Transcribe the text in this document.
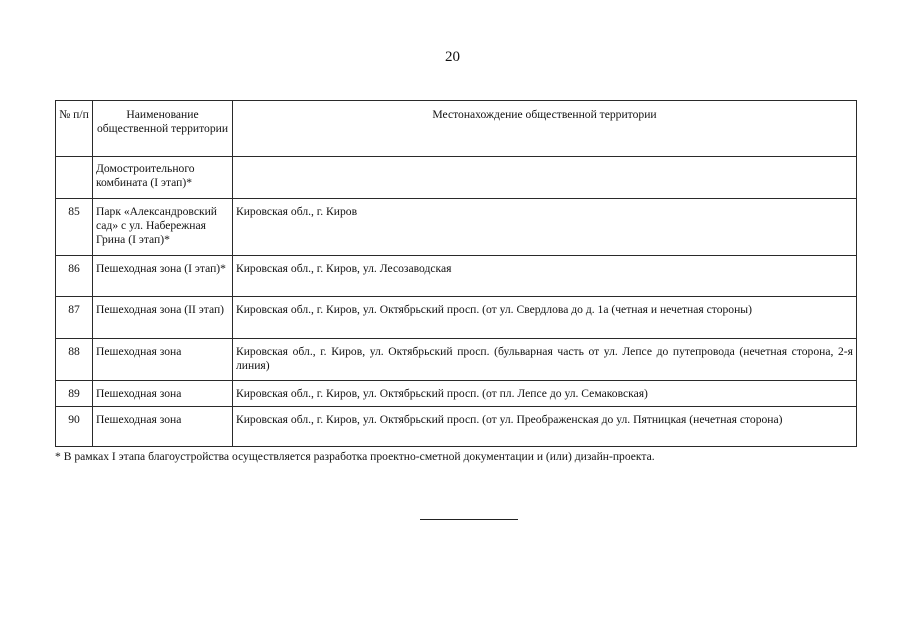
20
№ п/п	Наименование общественной территории	Местонахождение общественной территории
	Домостроительного комбината (I этап)*	
85	Парк «Александровский сад» с ул. Набережная Грина (I этап)*	Кировская обл., г. Киров
86	Пешеходная зона (I этап)*	Кировская обл., г. Киров, ул. Лесозаводская
87	Пешеходная зона (II этап)	Кировская обл., г. Киров, ул. Октябрьский просп. (от ул. Свердлова до д. 1а (четная и нечетная стороны)
88	Пешеходная зона	Кировская обл., г. Киров, ул. Октябрьский просп. (бульварная часть от ул. Лепсе до путепровода (нечетная сторона, 2-я линия)
89	Пешеходная зона	Кировская обл., г. Киров, ул. Октябрьский просп. (от пл. Лепсе до ул. Семаковская)
90	Пешеходная зона	Кировская обл., г. Киров, ул. Октябрьский просп. (от ул. Преображенская до ул. Пятницкая (нечетная сторона)
* В рамках I этапа благоустройства осуществляется разработка проектно-сметной документации и (или) дизайн-проекта.
